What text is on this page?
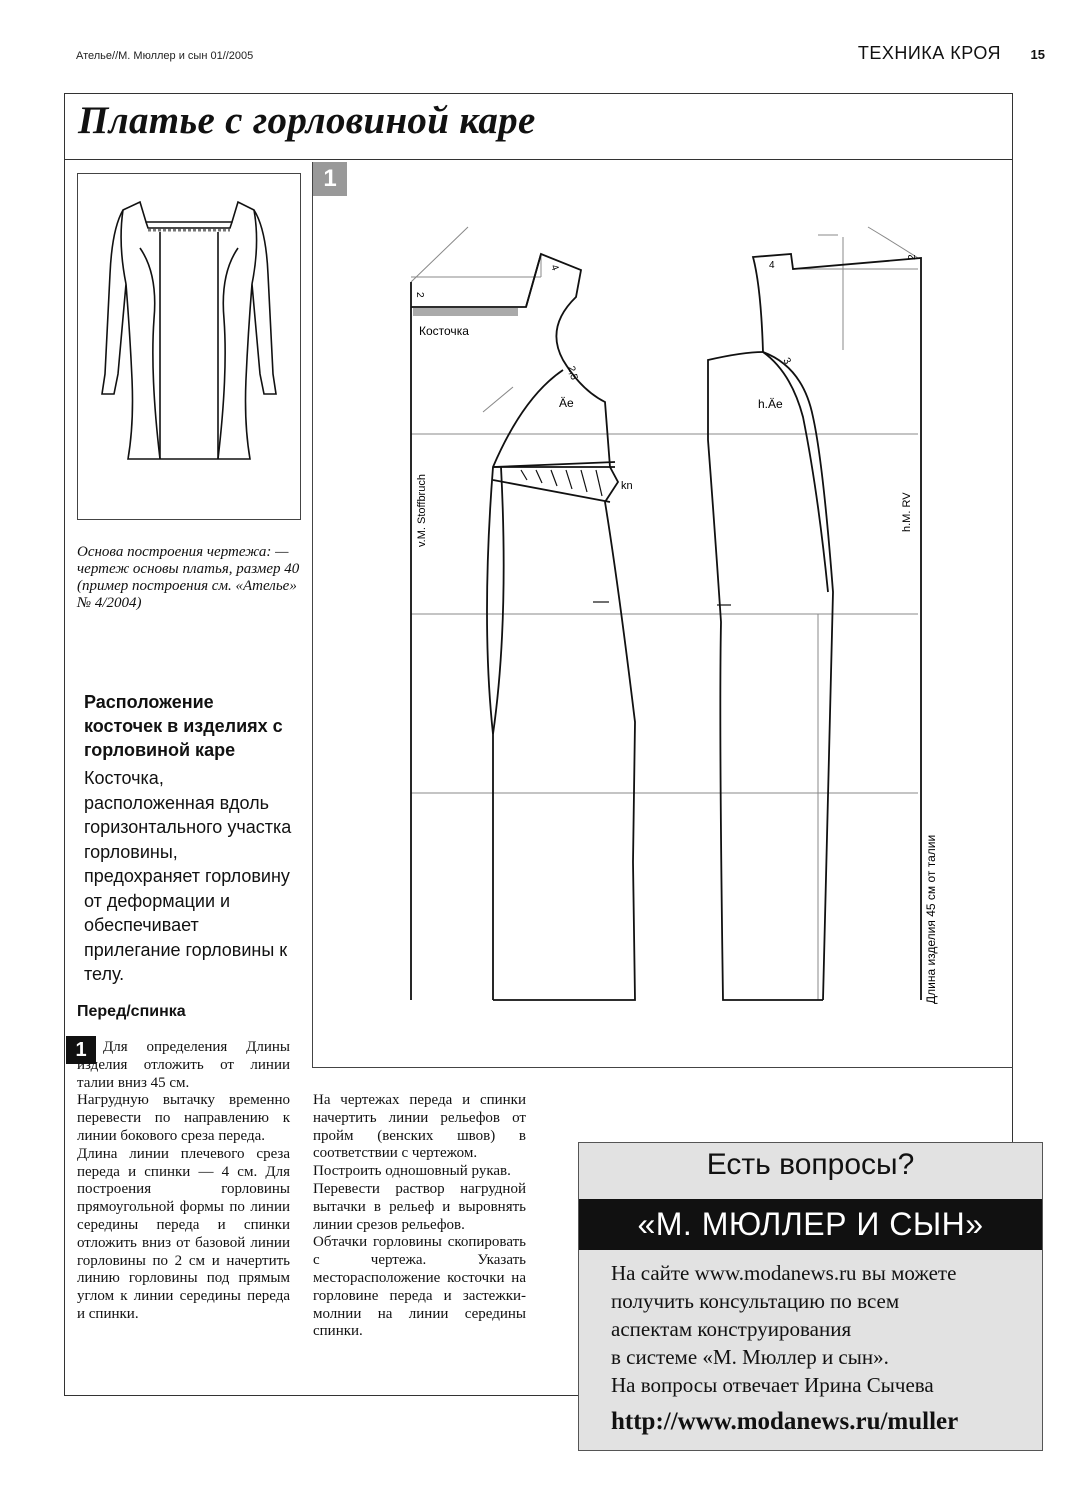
Ателье//М. Мюллер и сын 01//2005	ТЕХНИКА КРОЯ 15
Платье с горловиной каре
Основа построения чертежа: — чертеж основы платья, размер 40 (пример построения см. «Ателье» № 4/2004)
Расположение косточек в изделиях с горловиной каре
Косточка, расположенная вдоль горизонтального участка горловины, предохраняет горловину от деформации и обеспечивает прилегание горловины к телу.
Перед/спинка
1	Для определения Длины изделия отложить от линии талии вниз 45 см.

Нагрудную вытачку временно перевести по направлению к линии бокового среза переда.

Длина линии плечевого среза переда и спинки — 4 см. Для построения горловины прямоугольной формы по линии середины переда и спинки отложить вниз от базовой линии горловины по 2 см и начертить линию горловины под прямым углом к линии середины переда и спинки.

На чертежах переда и спинки начертить линии рельефов от пройм (венских швов) в соответствии с чертежом.

Построить одношовный рукав.

Перевести раствор нагрудной вытачки в рельеф и выровнять линии срезов рельефов.

Обтачки горловины скопировать с чертежа. Указать месторасположение косточки на горловине переда и застежки-молнии на линии середины спинки.

Косточка
v.M. Stoffbruch	h.M. RV
Длина изделия 45 см от талии
Äe	h.Äe
kn
4	4
2
2
2,5
3
1
Есть вопросы?
«М. МЮЛЛЕР И СЫН»

На сайте www.modanews.ru вы можете

получить консультацию по всем

аспектам конструирования

в системе «М. Мюллер и сын».

На вопросы отвечает Ирина Сычева

http://www.modanews.ru/muller
